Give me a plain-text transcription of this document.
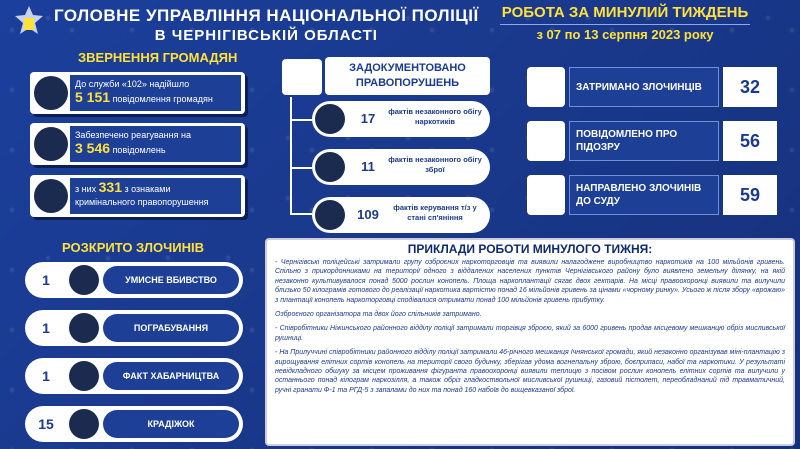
ГОЛОВНЕ УПРАВЛІННЯ НАЦІОНАЛЬНОЇ ПОЛІЦІЇ
В ЧЕРНІГІВСЬКІЙ ОБЛАСТІ
РОБОТА ЗА МИНУЛИЙ ТИЖДЕНЬ
з 07 по 13 серпня 2023 року
ЗВЕРНЕННЯ ГРОМАДЯН
До служби «102» надійшло
5 151 повідомлення громадян
Забезпечено реагування на
3 546 повідомлень
з них 331 з ознаками
кримінального правопорушення
РОЗКРИТО ЗЛОЧИНІВ
1	УМИСНЕ ВБИВСТВО
1	ПОГРАБУВАННЯ
1	ФАКТ ХАБАРНИЦТВА
15	КРАДІЖОК
ЗАДОКУМЕНТОВАНО ПРАВОПОРУШЕНЬ
17	фактів незаконного обігу наркотиків
11	фактів незаконного обігу зброї
109	фактів керування т/з у стані сп'яніння
ЗАТРИМАНО ЗЛОЧИНЦІВ	32
ПОВІДОМЛЕНО ПРО ПІДОЗРУ	56
НАПРАВЛЕНО ЗЛОЧИНІВ ДО СУДУ	59
ПРИКЛАДИ РОБОТИ МИНУЛОГО ТИЖНЯ:

- Чернігівські поліцейські затримали групу озброєних наркоторговців та виявили налагоджене виробництво наркотиків на 100 мільйонів гривень. Спільно з прикордонниками на території одного з віддалених населених пунктів Чернігівського району було виявлено земельну ділянку, на якій незаконно культивувалося понад 5000 рослин конопель. Площа наркоплантації сягає двох гектарів. На місці правоохоронці виявили та вилучили близько 50 кілограмів готового до реалізації наркотика вартістю понад 16 мільйонів гривень за цінами «чорному ринку». Усього ж після збору «врожаю» з плантації конопель наркоторговці сподівалися отримати понад 100 мільйонів гривень прибутку.

Озброєного організатора та двох його спільників затримано.

- Співробітники Ніжинського районного відділу поліції затримали торгівця зброєю, який за 6000 гривень продав місцевому мешканцю обріз мисливської рушниці.

- На Прилуччині співробітники районного відділу поліції затримали 46-річного мешканця Ічнянської громади, який незаконно організував міні-плантацію з вирощування елітних сортів конопель на території свого будинку, зберігав удома вогнепальну зброю, боєприпаси, набої та наркотики. У результаті невідкладного обшуку за місцем проживання фігуранта правоохоронці виявили теплицю з посівом рослин конопель елітних сортів та вилучили у останнього понад кілограм наркозілля, а також обріз гладкоствольної мисливської рушниці, газовий пістолет, переобладнаний під травматичний, ручні гранати Ф-1 та РГД-5 з запалами до них та понад 160 набоїв до вищевказаної зброї.
